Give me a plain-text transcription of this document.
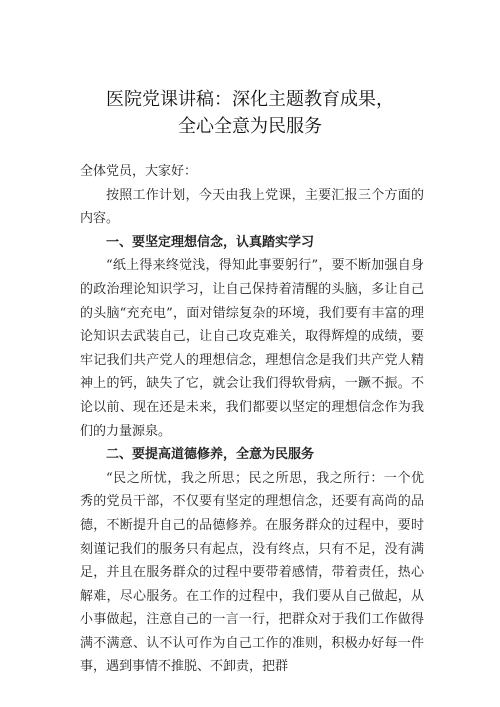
医院党课讲稿：深化主题教育成果，
全心全意为民服务

全体党员，大家好：

按照工作计划，今天由我上党课，主要汇报三个方面的内容。

一、要坚定理想信念，认真踏实学习

“纸上得来终觉浅，得知此事要躬行”，要不断加强自身的政治理论知识学习，让自己保持着清醒的头脑，多让自己的头脑“充充电”，面对错综复杂的环境，我们要有丰富的理论知识去武装自己，让自己攻克难关，取得辉煌的成绩，要牢记我们共产党人的理想信念，理想信念是我们共产党人精神上的钙，缺失了它，就会让我们得软骨病，一蹶不振。不论以前、现在还是未来，我们都要以坚定的理想信念作为我们的力量源泉。

二、要提高道德修养，全意为民服务

“民之所忧，我之所思；民之所思，我之所行：一个优秀的党员干部，不仅要有坚定的理想信念，还要有高尚的品德，不断提升自己的品德修养。在服务群众的过程中，要时刻谨记我们的服务只有起点，没有终点，只有不足，没有满足，并且在服务群众的过程中要带着感情，带着责任，热心解难，尽心服务。在工作的过程中，我们要从自己做起，从小事做起，注意自己的一言一行，把群众对于我们工作做得满不满意、认不认可作为自己工作的准则，积极办好每一件事，遇到事情不推脱、不卸责，把群
